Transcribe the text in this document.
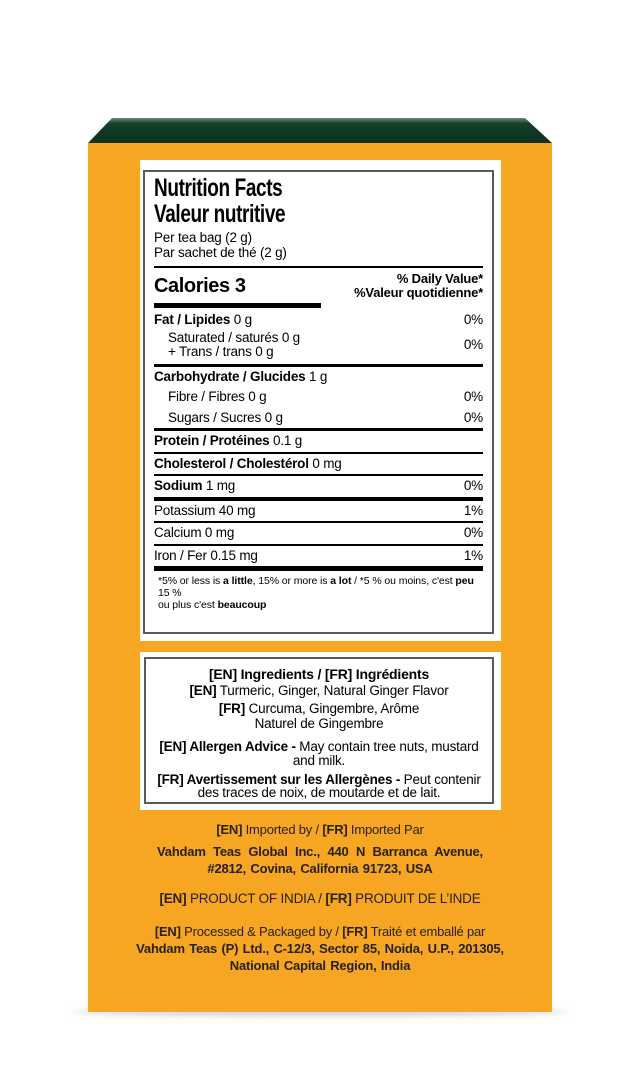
Nutrition Facts
Valeur nutritive
Per tea bag (2 g)
Par sachet de thé (2 g)
Calories 3	% Daily Value*
%Valeur quotidienne*
Fat / Lipides 0 g	0%
Saturated / saturés 0 g
+ Trans / trans 0 g	0%
Carbohydrate / Glucides 1 g
Fibre / Fibres 0 g	0%
Sugars / Sucres 0 g	0%
Protein / Protéines 0.1 g
Cholesterol / Cholestérol 0 mg
Sodium 1 mg	0%
Potassium 40 mg	1%
Calcium 0 mg	0%
Iron / Fer 0.15 mg	1%
*5% or less is a little, 15% or more is a lot / *5 % ou moins, c'est peu 15 %
ou plus c'est beaucoup
[EN] Ingredients / [FR] Ingrédients
[EN] Turmeric, Ginger, Natural Ginger Flavor
[FR] Curcuma, Gingembre, Arôme
Naturel de Gingembre
[EN] Allergen Advice - May contain tree nuts, mustard and milk.
[FR] Avertissement sur les Allergènes - Peut contenir des traces de noix, de moutarde et de lait.
[EN] Imported by / [FR] Imported Par
Vahdam Teas Global Inc., 440 N Barranca Avenue,
#2812, Covina, California 91723, USA
[EN] PRODUCT OF INDIA / [FR] PRODUIT DE L’INDE
[EN] Processed & Packaged by / [FR] Traité et emballé par
Vahdam Teas (P) Ltd., C-12/3, Sector 85, Noida, U.P., 201305,
National Capital Region, India
